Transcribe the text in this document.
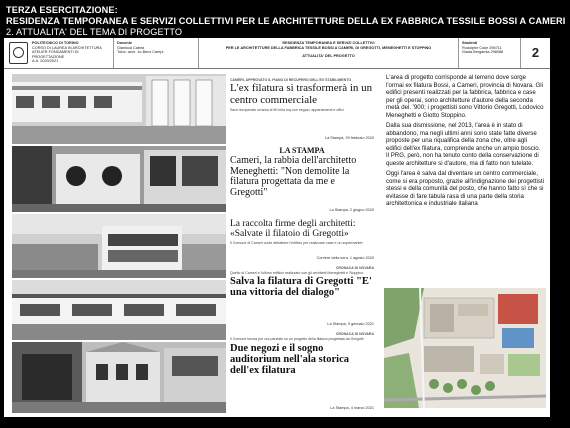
TERZA ESERCITAZIONE:
RESIDENZA TEMPORANEA E SERVIZI COLLETTIVI PER LE ARCHITETTURE DELLA EX FABBRICA TESSILE BOSSI A CAMERI
2. ATTUALITA' DEL TEMA DI PROGETTO
POLITECNICO DI TORINO
CORSO DI LAUREA IN ARCHITETTURA
ATELIER FONDAMENTI DI PROGETTAZIONE
A.A. 2020/2021
Docente
Gianluca Cabria
Tutor: arch. Jo-Benz Campi
RESIDENZA TEMPORANEA E SERVIZI COLLETTIVI
PER LE ARCHITETTURE DELLA FABBRICA TESSILE BOSSI A CAMERI, DI GREGOTTI, MENEGHETTI E STOPPINO
ATTUALITA' DEL PROGETTO
Studenti
Rodolphe Coke 296711
Giada Bergamia 298088	2
CAMERI, APPROVATO IL PIANO DI RECUPERO DELL'EX STABILIMENTO
L'ex filatura si trasformerà in un centro commerciale
Sarà recuperata un'area di 80 mila mq con negozi, appartamenti e uffici
La Stampa, 29 febbraio 2020
LA STAMPA
Cameri, la rabbia dell'architetto Meneghetti: "Non demolite la filatura progettata da me e Gregotti"
La Stampa, 2 giugno 2020
La raccolta firme degli architetti: «Salvate il filatoio di Gregotti»
Il Comune di Cameri vuole abbattere l'edificio per realizzare case e un supermarket
Corriere della sera, 1 agosto 2020
CRONACA DI NOVARA
Quello di Cameri è l'ultimo edificio realizzato con gli architetti Meneghetti e Stoppino
Salva la filatura di Gregotti "E' una vittoria del dialogo"
La Stampa, 9 gennaio 2021
CRONACA DI NOVARA
Il Comune lavora per ora parziale su un progetto della filatura progettata da Gregotti
Due negozi e il sogno auditorium nell'ala storica dell'ex filatura
La Stampa, 4 marzo 2021

L'area di progetto corrisponde al terreno dove sorge l'ormai ex filatura Bossi, a Cameri, provincia di Novara. Gli edifici presenti realizzati per la fabbrica, fabbrica e case per gli operai, sono architetture d'autore della seconda metà del. '900; i progettisti sono Vittorio Gregotti, Lodovico Meneghetti e Giotto Stoppino.

Dalla sua dismissione, nel 2013, l'area è in stato di abbandono, ma negli ultimi anni sono state fatte diverse proposte per una riqualifica della zona che, oltre agli edifici dell'ex filatura, comprende anche un ampio boscio. Il PRG, però, non ha tenuto conto della conservazione di queste architetture si d'autore, ma di fatto non tutelate.

Oggi l'area è salva dal diventare un centro commerciale, come si era proposto, grazie all'indignazione dei progettisti stessi e della comunità del posto, che hanno fatto sì che si evitasse di fare tabula rasa di una parte della storia architettonica e industriale italiana
